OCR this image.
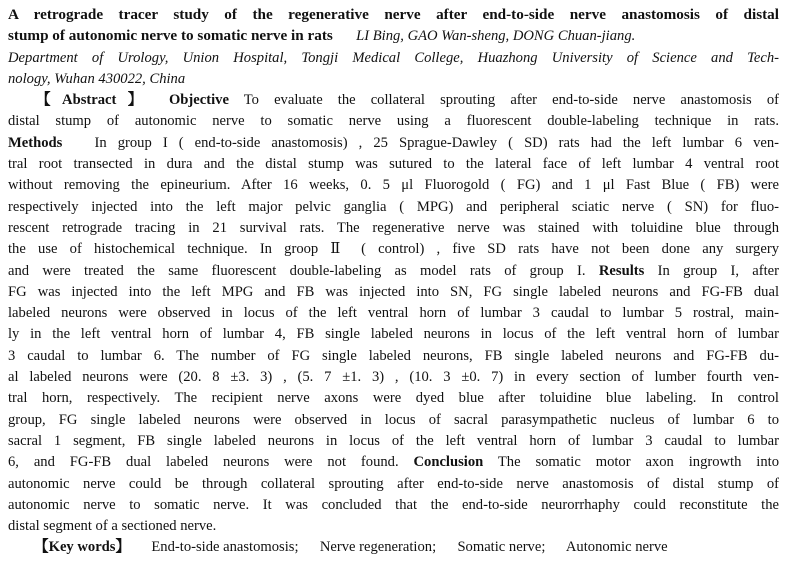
A retrograde tracer study of the regenerative nerve after end-to-side nerve anastomosis of distal
stump of autonomic nerve to somatic nerve in rats LI Bing, GAO Wan-sheng, DONG Chuan-jiang.
Department of Urology, Union Hospital, Tongji Medical College, Huazhong University of Science and Tech-
nology, Wuhan 430022, China
【Abstract】 Objective To evaluate the collateral sprouting after end-to-side nerve anastomosis of
distal stump of autonomic nerve to somatic nerve using a fluorescent double-labeling technique in rats.
Methods In group I ( end-to-side anastomosis) , 25 Sprague-Dawley ( SD) rats had the left lumbar 6 ven-
tral root transected in dura and the distal stump was sutured to the lateral face of left lumbar 4 ventral root
without removing the epineurium. After 16 weeks, 0. 5 μl Fluorogold ( FG) and 1 μl Fast Blue ( FB) were
respectively injected into the left major pelvic ganglia ( MPG) and peripheral sciatic nerve ( SN) for fluo-
rescent retrograde tracing in 21 survival rats. The regenerative nerve was stained with toluidine blue through
the use of histochemical technique. In groop Ⅱ ( control) , five SD rats have not been done any surgery
and were treated the same fluorescent double-labeling as model rats of group I. Results In group I, after
FG was injected into the left MPG and FB was injected into SN, FG single labeled neurons and FG-FB dual
labeled neurons were observed in locus of the left ventral horn of lumbar 3 caudal to lumbar 5 rostral, main-
ly in the left ventral horn of lumbar 4, FB single labeled neurons in locus of the left ventral horn of lumbar
3 caudal to lumbar 6. The number of FG single labeled neurons, FB single labeled neurons and FG-FB du-
al labeled neurons were (20. 8 ±3. 3) , (5. 7 ±1. 3) , (10. 3 ±0. 7) in every section of lumber fourth ven-
tral horn, respectively. The recipient nerve axons were dyed blue after toluidine blue labeling. In control
group, FG single labeled neurons were observed in locus of sacral parasympathetic nucleus of lumbar 6 to
sacral 1 segment, FB single labeled neurons in locus of the left ventral horn of lumbar 3 caudal to lumbar
6, and FG-FB dual labeled neurons were not found. Conclusion The somatic motor axon ingrowth into
autonomic nerve could be through collateral sprouting after end-to-side nerve anastomosis of distal stump of
autonomic nerve to somatic nerve. It was concluded that the end-to-side neurorrhaphy could reconstitute the
distal segment of a sectioned nerve.
【Key words】 End-to-side anastomosis; Nerve regeneration; Somatic nerve; Autonomic nerve
